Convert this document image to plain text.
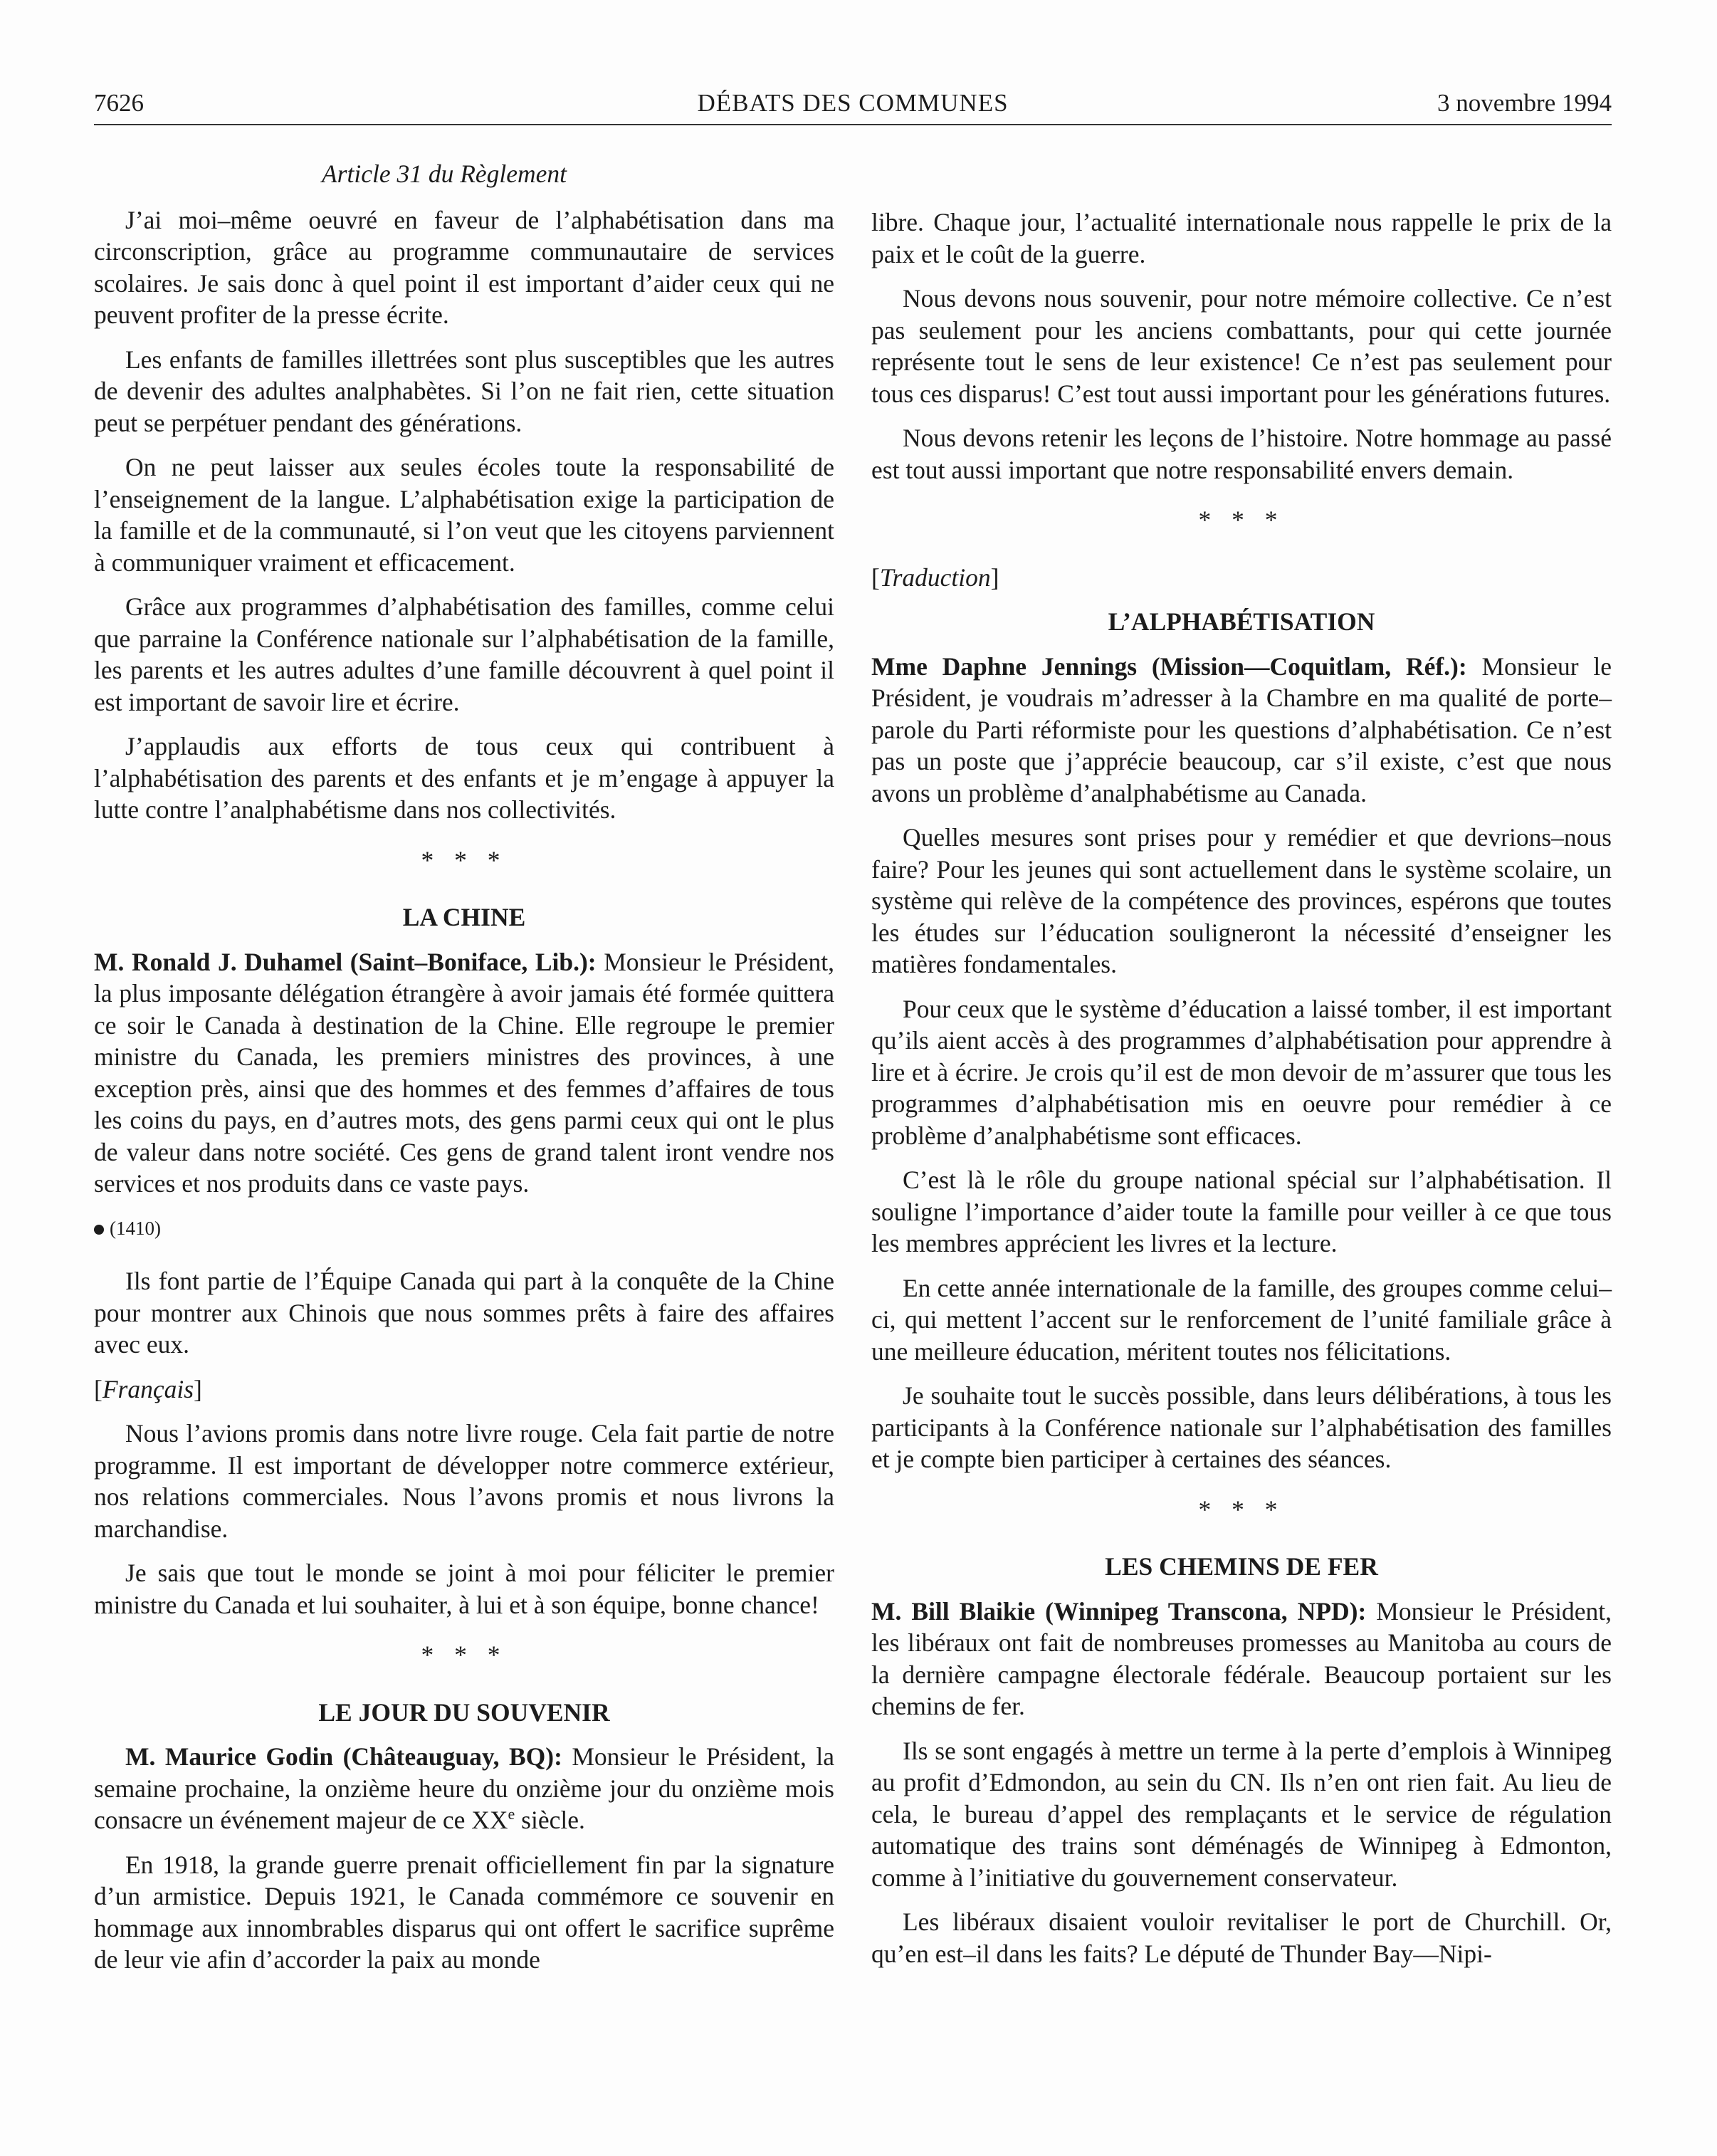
7626	DÉBATS DES COMMUNES	3 novembre 1994
Article 31 du Règlement

J’ai moi–même oeuvré en faveur de l’alphabétisation dans ma circonscription, grâce au programme communautaire de services scolaires. Je sais donc à quel point il est important d’aider ceux qui ne peuvent profiter de la presse écrite.

Les enfants de familles illettrées sont plus susceptibles que les autres de devenir des adultes analphabètes. Si l’on ne fait rien, cette situation peut se perpétuer pendant des générations.

On ne peut laisser aux seules écoles toute la responsabilité de l’enseignement de la langue. L’alphabétisation exige la participation de la famille et de la communauté, si l’on veut que les citoyens parviennent à communiquer vraiment et efficacement.

Grâce aux programmes d’alphabétisation des familles, comme celui que parraine la Conférence nationale sur l’alphabétisation de la famille, les parents et les autres adultes d’une famille découvrent à quel point il est important de savoir lire et écrire.

J’applaudis aux efforts de tous ceux qui contribuent à l’alphabétisation des parents et des enfants et je m’engage à appuyer la lutte contre l’analphabétisme dans nos collectivités.

* * *
LA CHINE

M. Ronald J. Duhamel (Saint–Boniface, Lib.): Monsieur le Président, la plus imposante délégation étrangère à avoir jamais été formée quittera ce soir le Canada à destination de la Chine. Elle regroupe le premier ministre du Canada, les premiers ministres des provinces, à une exception près, ainsi que des hommes et des femmes d’affaires de tous les coins du pays, en d’autres mots, des gens parmi ceux qui ont le plus de valeur dans notre société. Ces gens de grand talent iront vendre nos services et nos produits dans ce vaste pays.

(1410)

Ils font partie de l’Équipe Canada qui part à la conquête de la Chine pour montrer aux Chinois que nous sommes prêts à faire des affaires avec eux.

[Français]

Nous l’avions promis dans notre livre rouge. Cela fait partie de notre programme. Il est important de développer notre commerce extérieur, nos relations commerciales. Nous l’avons promis et nous livrons la marchandise.

Je sais que tout le monde se joint à moi pour féliciter le premier ministre du Canada et lui souhaiter, à lui et à son équipe, bonne chance!

* * *
LE JOUR DU SOUVENIR

M. Maurice Godin (Châteauguay, BQ): Monsieur le Président, la semaine prochaine, la onzième heure du onzième jour du onzième mois consacre un événement majeur de ce XXe siècle.

En 1918, la grande guerre prenait officiellement fin par la signature d’un armistice. Depuis 1921, le Canada commémore ce souvenir en hommage aux innombrables disparus qui ont offert le sacrifice suprême de leur vie afin d’accorder la paix au monde

libre. Chaque jour, l’actualité internationale nous rappelle le prix de la paix et le coût de la guerre.

Nous devons nous souvenir, pour notre mémoire collective. Ce n’est pas seulement pour les anciens combattants, pour qui cette journée représente tout le sens de leur existence! Ce n’est pas seulement pour tous ces disparus! C’est tout aussi important pour les générations futures.

Nous devons retenir les leçons de l’histoire. Notre hommage au passé est tout aussi important que notre responsabilité envers demain.

* * *
[Traduction]
L’ALPHABÉTISATION

Mme Daphne Jennings (Mission—Coquitlam, Réf.): Monsieur le Président, je voudrais m’adresser à la Chambre en ma qualité de porte–parole du Parti réformiste pour les questions d’alphabétisation. Ce n’est pas un poste que j’apprécie beaucoup, car s’il existe, c’est que nous avons un problème d’analphabétisme au Canada.

Quelles mesures sont prises pour y remédier et que devrions–nous faire? Pour les jeunes qui sont actuellement dans le système scolaire, un système qui relève de la compétence des provinces, espérons que toutes les études sur l’éducation souligneront la nécessité d’enseigner les matières fondamentales.

Pour ceux que le système d’éducation a laissé tomber, il est important qu’ils aient accès à des programmes d’alphabétisation pour apprendre à lire et à écrire. Je crois qu’il est de mon devoir de m’assurer que tous les programmes d’alphabétisation mis en oeuvre pour remédier à ce problème d’analphabétisme sont efficaces.

C’est là le rôle du groupe national spécial sur l’alphabétisation. Il souligne l’importance d’aider toute la famille pour veiller à ce que tous les membres apprécient les livres et la lecture.

En cette année internationale de la famille, des groupes comme celui–ci, qui mettent l’accent sur le renforcement de l’unité familiale grâce à une meilleure éducation, méritent toutes nos félicitations.

Je souhaite tout le succès possible, dans leurs délibérations, à tous les participants à la Conférence nationale sur l’alphabétisation des familles et je compte bien participer à certaines des séances.

* * *
LES CHEMINS DE FER

M. Bill Blaikie (Winnipeg Transcona, NPD): Monsieur le Président, les libéraux ont fait de nombreuses promesses au Manitoba au cours de la dernière campagne électorale fédérale. Beaucoup portaient sur les chemins de fer.

Ils se sont engagés à mettre un terme à la perte d’emplois à Winnipeg au profit d’Edmondon, au sein du CN. Ils n’en ont rien fait. Au lieu de cela, le bureau d’appel des remplaçants et le service de régulation automatique des trains sont déménagés de Winnipeg à Edmonton, comme à l’initiative du gouvernement conservateur.

Les libéraux disaient vouloir revitaliser le port de Churchill. Or, qu’en est–il dans les faits? Le député de Thunder Bay—Nipi-
